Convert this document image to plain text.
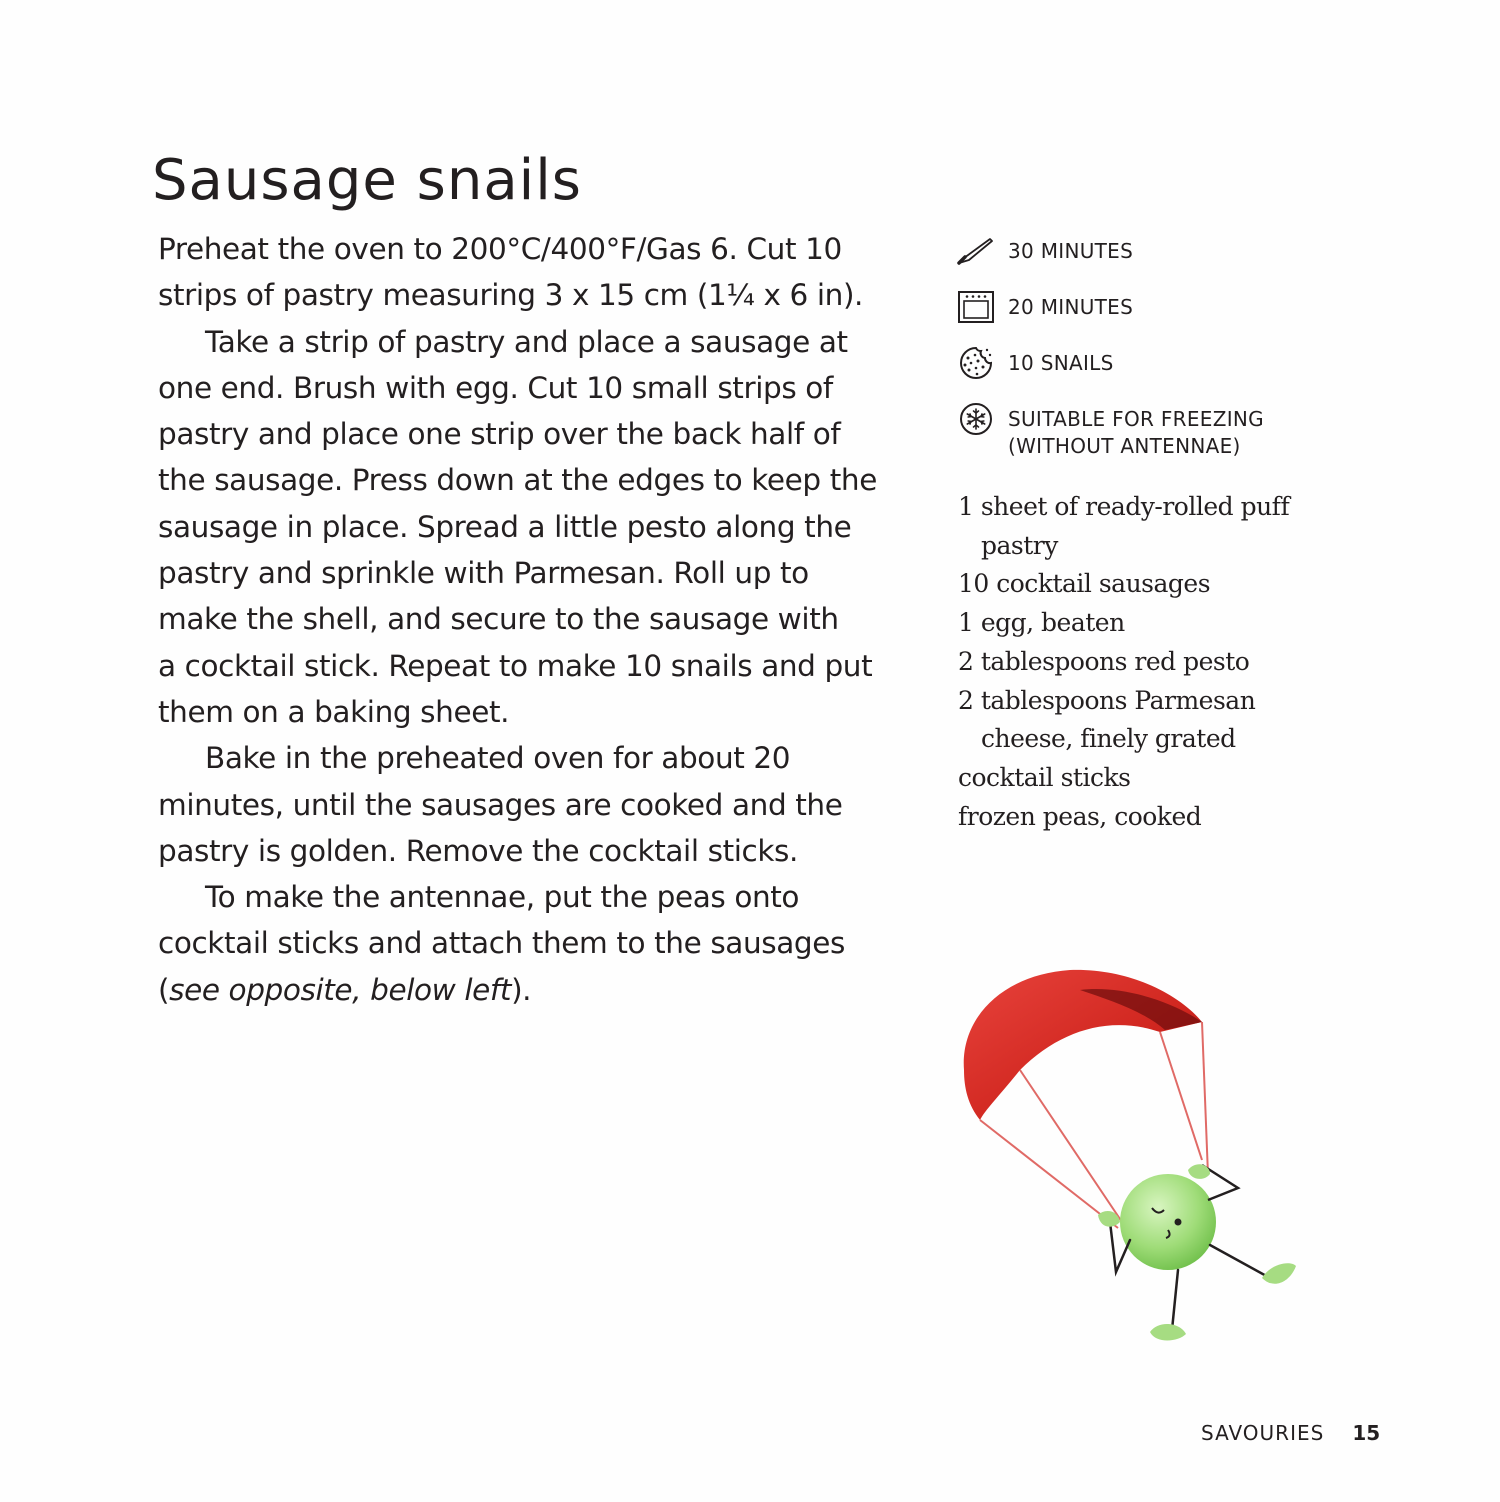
Sausage snails
Preheat the oven to 200°C/400°F/Gas 6. Cut 10
strips of pastry measuring 3 x 15 cm (1¼ x 6 in).
Take a strip of pastry and place a sausage at
one end. Brush with egg. Cut 10 small strips of
pastry and place one strip over the back half of
the sausage. Press down at the edges to keep the
sausage in place. Spread a little pesto along the
pastry and sprinkle with Parmesan. Roll up to
make the shell, and secure to the sausage with
a cocktail stick. Repeat to make 10 snails and put
them on a baking sheet.
Bake in the preheated oven for about 20
minutes, until the sausages are cooked and the
pastry is golden. Remove the cocktail sticks.
To make the antennae, put the peas onto
cocktail sticks and attach them to the sausages
(see opposite, below left).
30 MINUTES
20 MINUTES
10 SNAILS
SUITABLE FOR FREEZING
(WITHOUT ANTENNAE)
1 sheet of ready-rolled puff
pastry
10 cocktail sausages
1 egg, beaten
2 tablespoons red pesto
2 tablespoons Parmesan
cheese, finely grated
cocktail sticks
frozen peas, cooked
SAVOURIES 15
